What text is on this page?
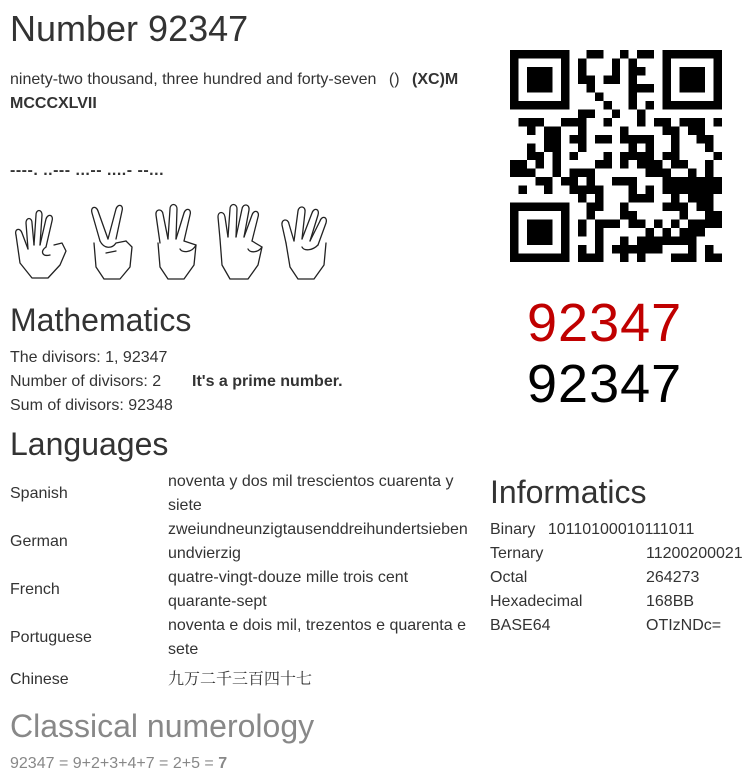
Number 92347
ninety-two thousand, three hundred and forty-seven () (XC)M
MCCCXLVII
----. ..--- ...-- ....- --...
92347
92347
Mathematics
The divisors: 1, 92347
Number of divisors: 2 It's a prime number.
Sum of divisors: 92348
Languages
Spanish	noventa y dos mil trescientos cuarenta y siete
German	zweiundneunzigtausenddreihundertsiebenundvierzig
French	quatre-vingt-douze mille trois cent quarante-sept
Portuguese	noventa e dois mil, trezentos e quarenta e sete
Chinese	九万二千三百四十七
Informatics
Binary 10110100010111011
Ternary	11200200021
Octal	264273
Hexadecimal	168BB
BASE64	OTIzNDc=
Classical numerology
92347 = 9+2+3+4+7 = 2+5 = 7
